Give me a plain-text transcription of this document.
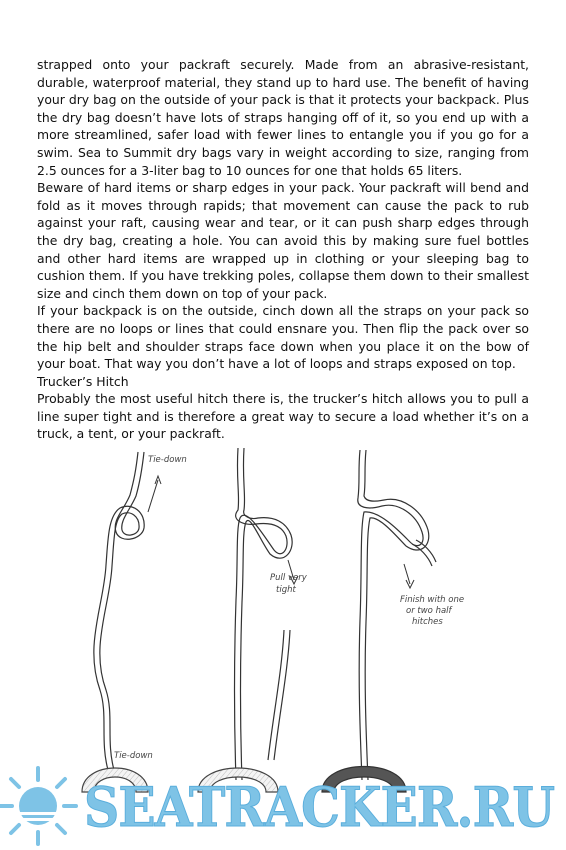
strapped onto your packraft securely. Made from an abrasive-resistant, durable, waterproof material, they stand up to hard use. The benefit of having your dry bag on the outside of your pack is that it protects your backpack. Plus the dry bag doesn’t have lots of straps hanging off of it, so you end up with a more streamlined, safer load with fewer lines to entangle you if you go for a swim. Sea to Summit dry bags vary in weight according to size, ranging from 2.5 ounces for a 3-liter bag to 10 ounces for one that holds 65 liters.

Beware of hard items or sharp edges in your pack. Your packraft will bend and fold as it moves through rapids; that movement can cause the pack to rub against your raft, causing wear and tear, or it can push sharp edges through the dry bag, creating a hole. You can avoid this by making sure fuel bottles and other hard items are wrapped up in clothing or your sleeping bag to cushion them. If you have trekking poles, collapse them down to their smallest size and cinch them down on top of your pack.

If your backpack is on the outside, cinch down all the straps on your pack so there are no loops or lines that could ensnare you. Then flip the pack over so the hip belt and shoulder straps face down when you place it on the bow of your boat. That way you don’t have a lot of loops and straps exposed on top.

Trucker’s Hitch

Probably the most useful hitch there is, the trucker’s hitch allows you to pull a line super tight and is therefore a great way to secure a load whether it’s on a truck, a tent, or your packraft.

Tie-down
Tie-down
Pull very
tight
Finish with one
or two half
hitches
SEATRACKER.RU
